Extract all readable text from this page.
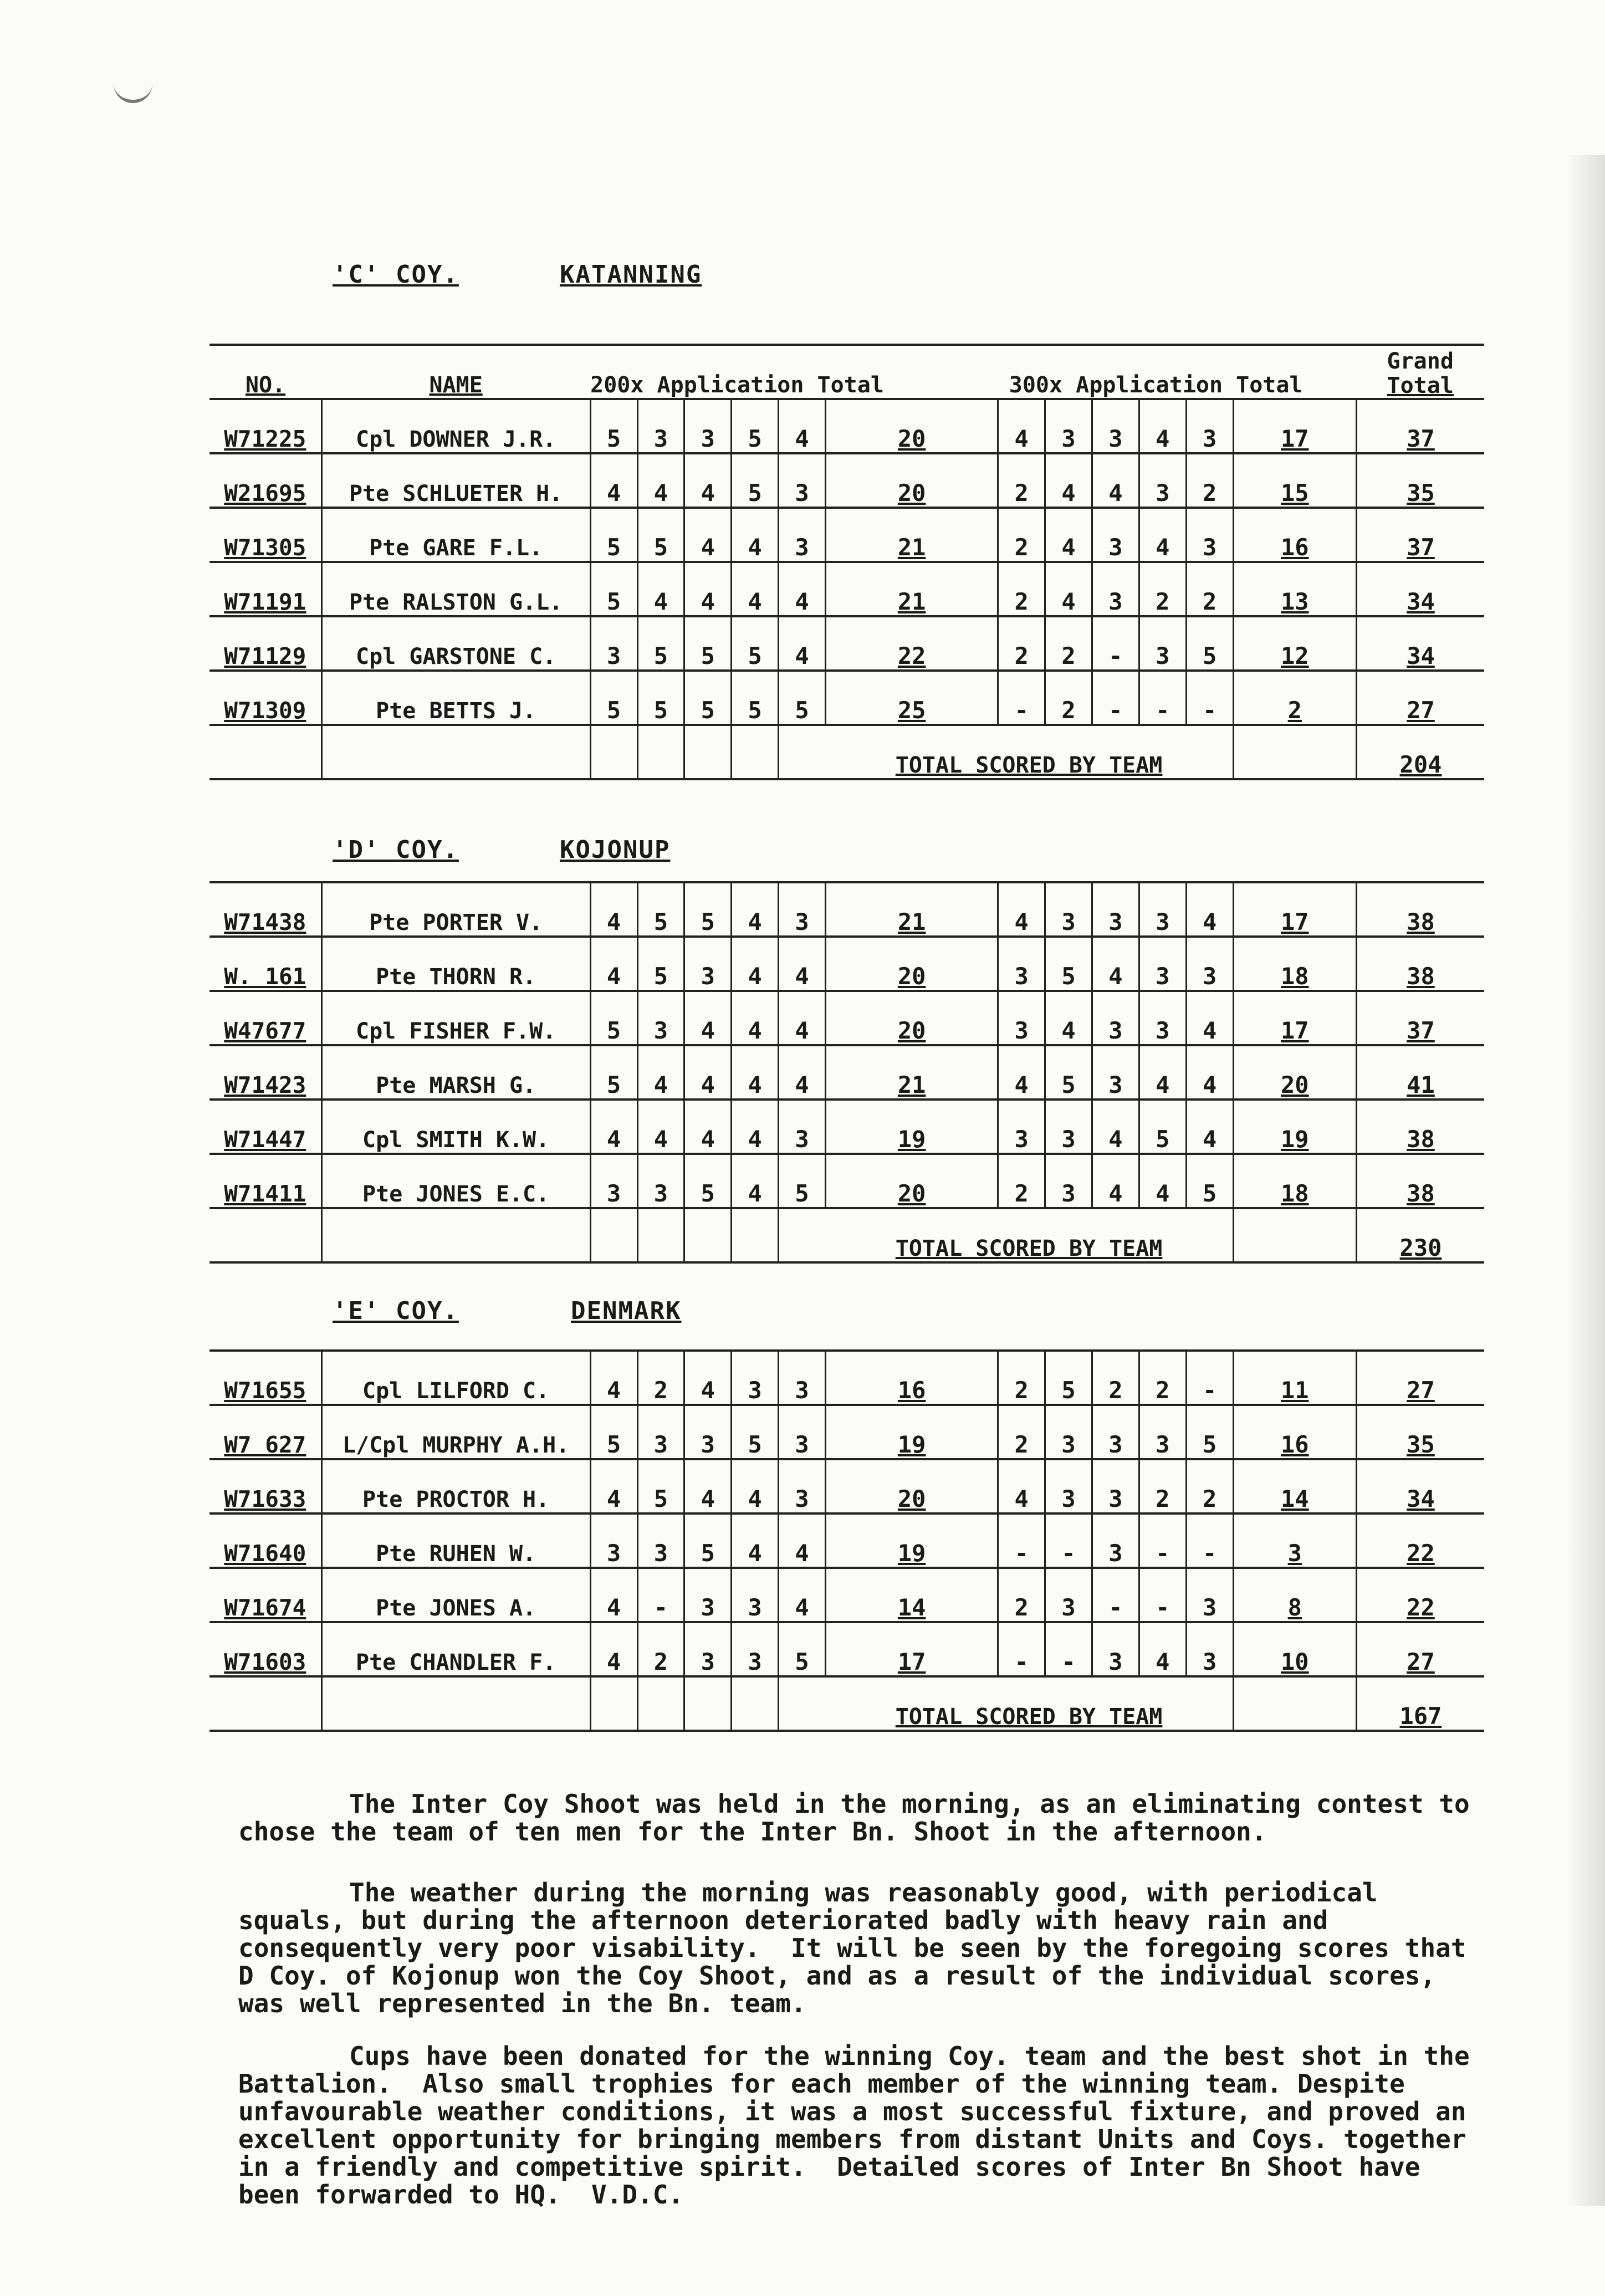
'C' COY.	KATANNING
NO.	NAME	200x Application Total						300x Application Total						Grand
Total

W71225	Cpl DOWNER J.R.	5	3	3	5	4	20	4	3	3	4	3	17	37
W21695	Pte SCHLUETER H.	4	4	4	5	3	20	2	4	4	3	2	15	35
W71305	Pte GARE F.L.	5	5	4	4	3	21	2	4	3	4	3	16	37
W71191	Pte RALSTON G.L.	5	4	4	4	4	21	2	4	3	2	2	13	34
W71129	Cpl GARSTONE C.	3	5	5	5	4	22	2	2	-	3	5	12	34
W71309	Pte BETTS J.	5	5	5	5	5	25	-	2	-	-	-	2	27
							TOTAL SCORED BY TEAM							204
'D' COY.	KOJONUP
W71438	Pte PORTER V.	4	5	5	4	3	21	4	3	3	3	4	17	38
W. 161	Pte THORN R.	4	5	3	4	4	20	3	5	4	3	3	18	38
W47677	Cpl FISHER F.W.	5	3	4	4	4	20	3	4	3	3	4	17	37
W71423	Pte MARSH G.	5	4	4	4	4	21	4	5	3	4	4	20	41
W71447	Cpl SMITH K.W.	4	4	4	4	3	19	3	3	4	5	4	19	38
W71411	Pte JONES E.C.	3	3	5	4	5	20	2	3	4	4	5	18	38
							TOTAL SCORED BY TEAM							230
'E' COY.	DENMARK
W71655	Cpl LILFORD C.	4	2	4	3	3	16	2	5	2	2	-	11	27
W7 627	L/Cpl MURPHY A.H.	5	3	3	5	3	19	2	3	3	3	5	16	35
W71633	Pte PROCTOR H.	4	5	4	4	3	20	4	3	3	2	2	14	34
W71640	Pte RUHEN W.	3	3	5	4	4	19	-	-	3	-	-	3	22
W71674	Pte JONES A.	4	-	3	3	4	14	2	3	-	-	3	8	22
W71603	Pte CHANDLER F.	4	2	3	3	5	17	-	-	3	4	3	10	27
							TOTAL SCORED BY TEAM							167
The Inter Coy Shoot was held in the morning, as an eliminating contest to chose the team of ten men for the Inter Bn. Shoot in the afternoon.
The weather during the morning was reasonably good, with periodical squals, but during the afternoon deteriorated badly with heavy rain and consequently very poor visability.  It will be seen by the foregoing scores that D Coy. of Kojonup won the Coy Shoot, and as a result of the individual scores, was well represented in the Bn. team.
Cups have been donated for the winning Coy. team and the best shot in the Battalion.  Also small trophies for each member of the winning team. Despite unfavourable weather conditions, it was a most successful fixture, and proved an excellent opportunity for bringing members from distant Units and Coys. together in a friendly and competitive spirit.  Detailed scores of Inter Bn Shoot have been forwarded to HQ.  V.D.C.
